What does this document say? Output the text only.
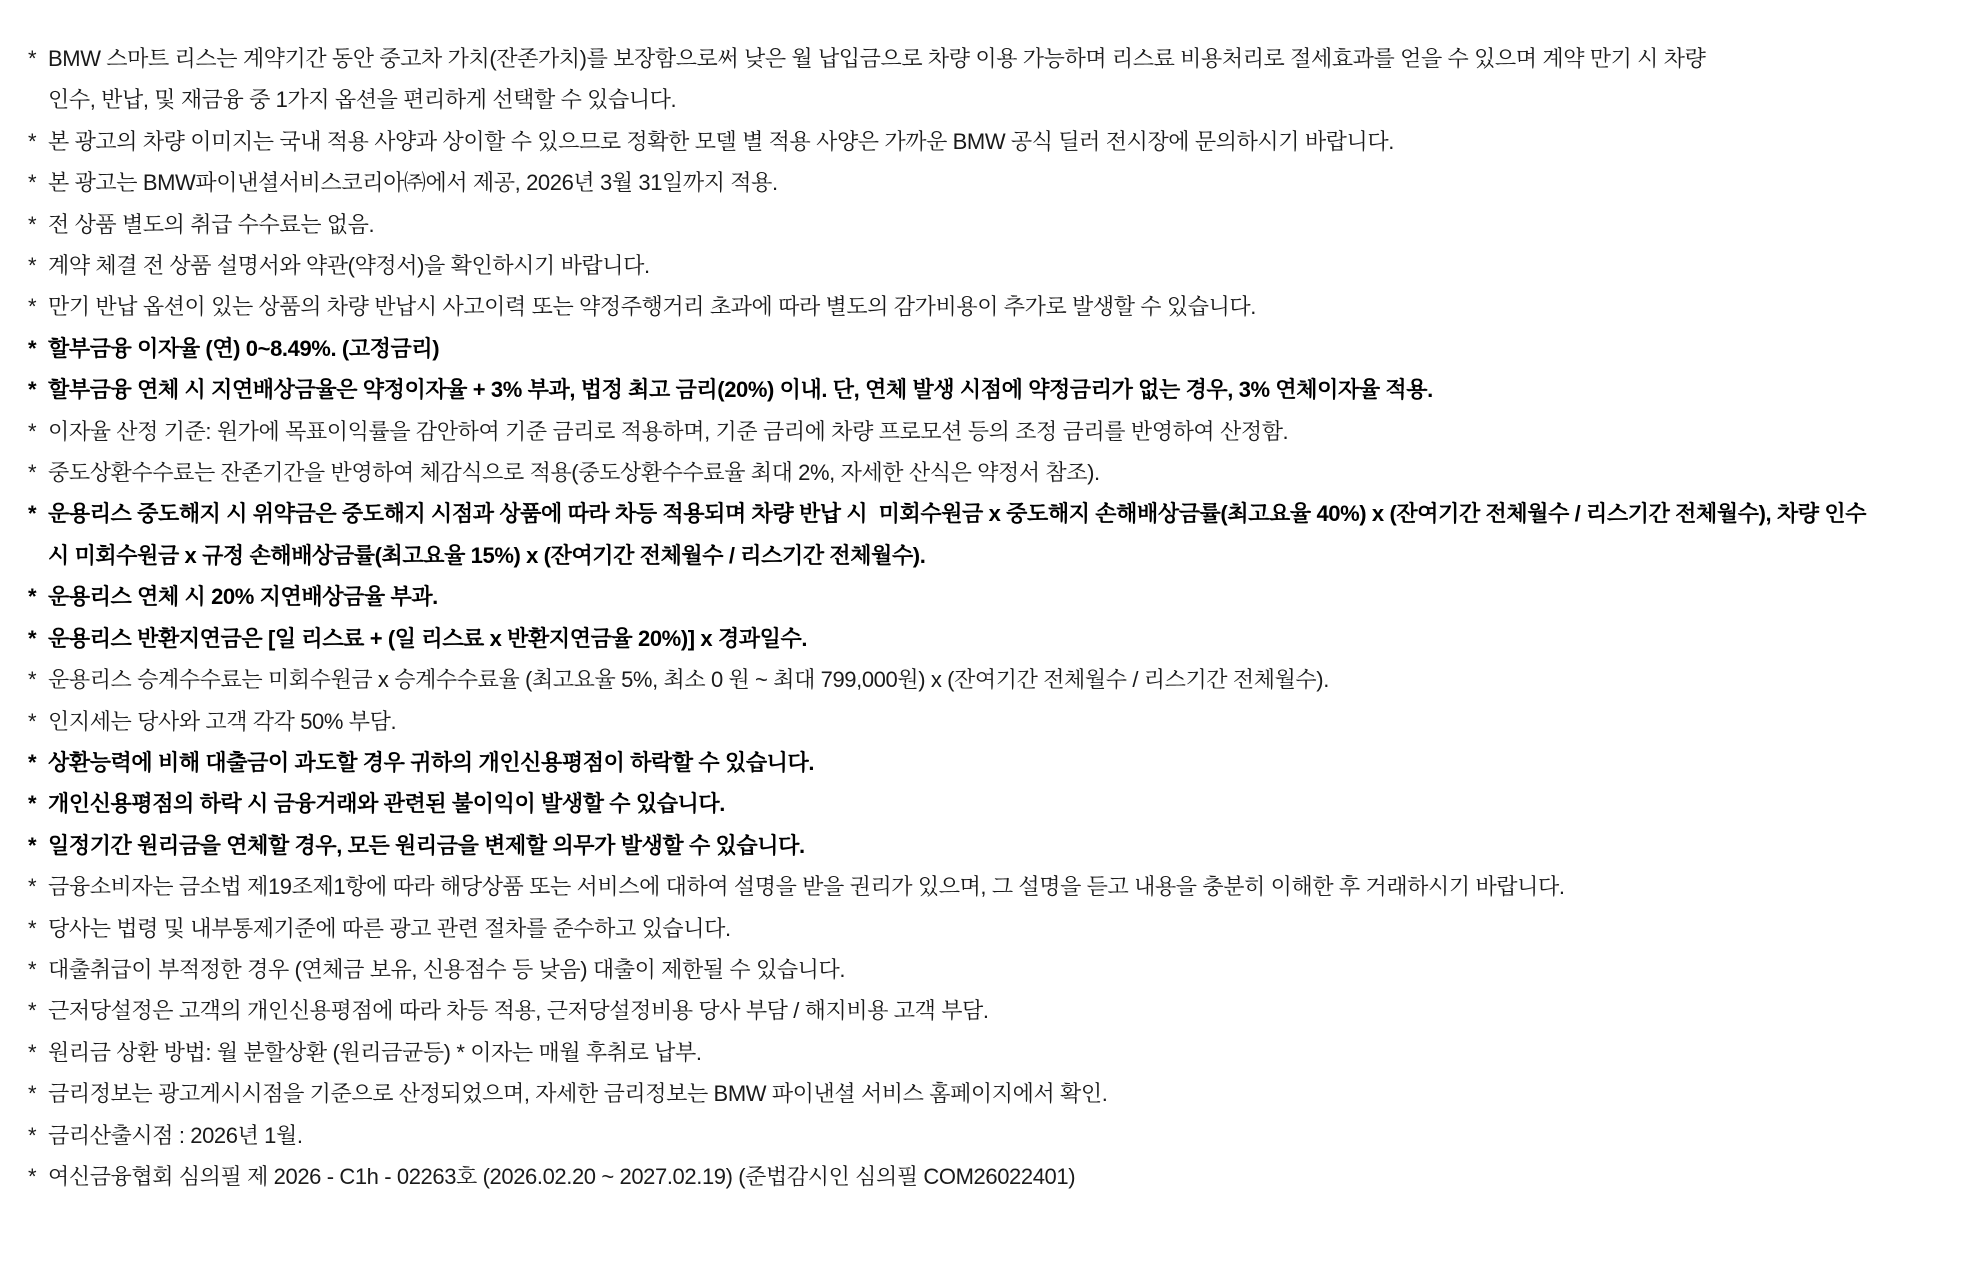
* BMW 스마트 리스는 계약기간 동안 중고차 가치(잔존가치)를 보장함으로써 낮은 월 납입금으로 차량 이용 가능하며 리스료 비용처리로 절세효과를 얻을 수 있으며 계약 만기 시 차량
인수, 반납, 및 재금융 중 1가지 옵션을 편리하게 선택할 수 있습니다.
* 본 광고의 차량 이미지는 국내 적용 사양과 상이할 수 있으므로 정확한 모델 별 적용 사양은 가까운 BMW 공식 딜러 전시장에 문의하시기 바랍니다.
* 본 광고는 BMW파이낸셜서비스코리아㈜에서 제공, 2026년 3월 31일까지 적용.
* 전 상품 별도의 취급 수수료는 없음.
* 계약 체결 전 상품 설명서와 약관(약정서)을 확인하시기 바랍니다.
* 만기 반납 옵션이 있는 상품의 차량 반납시 사고이력 또는 약정주행거리 초과에 따라 별도의 감가비용이 추가로 발생할 수 있습니다.
* 할부금융 이자율 (연) 0~8.49%. (고정금리)
* 할부금융 연체 시 지연배상금율은 약정이자율 + 3% 부과, 법정 최고 금리(20%) 이내. 단, 연체 발생 시점에 약정금리가 없는 경우, 3% 연체이자율 적용.
* 이자율 산정 기준: 원가에 목표이익률을 감안하여 기준 금리로 적용하며, 기준 금리에 차량 프로모션 등의 조정 금리를 반영하여 산정함.
* 중도상환수수료는 잔존기간을 반영하여 체감식으로 적용(중도상환수수료율 최대 2%, 자세한 산식은 약정서 참조).
* 운용리스 중도해지 시 위약금은 중도해지 시점과 상품에 따라 차등 적용되며 차량 반납 시  미회수원금 x 중도해지 손해배상금률(최고요율 40%) x (잔여기간 전체월수 / 리스기간 전체월수), 차량 인수
시 미회수원금 x 규정 손해배상금률(최고요율 15%) x (잔여기간 전체월수 / 리스기간 전체월수).
* 운용리스 연체 시 20% 지연배상금율 부과.
* 운용리스 반환지연금은 [일 리스료 + (일 리스료 x 반환지연금율 20%)] x 경과일수.
* 운용리스 승계수수료는 미회수원금 x 승계수수료율 (최고요율 5%, 최소 0 원 ~ 최대 799,000원) x (잔여기간 전체월수 / 리스기간 전체월수).
* 인지세는 당사와 고객 각각 50% 부담.
* 상환능력에 비해 대출금이 과도할 경우 귀하의 개인신용평점이 하락할 수 있습니다.
* 개인신용평점의 하락 시 금융거래와 관련된 불이익이 발생할 수 있습니다.
* 일정기간 원리금을 연체할 경우, 모든 원리금을 변제할 의무가 발생할 수 있습니다.
* 금융소비자는 금소법 제19조제1항에 따라 해당상품 또는 서비스에 대하여 설명을 받을 권리가 있으며, 그 설명을 듣고 내용을 충분히 이해한 후 거래하시기 바랍니다.
* 당사는 법령 및 내부통제기준에 따른 광고 관련 절차를 준수하고 있습니다.
* 대출취급이 부적정한 경우 (연체금 보유, 신용점수 등 낮음) 대출이 제한될 수 있습니다.
* 근저당설정은 고객의 개인신용평점에 따라 차등 적용, 근저당설정비용 당사 부담 / 해지비용 고객 부담.
* 원리금 상환 방법: 월 분할상환 (원리금균등) * 이자는 매월 후취로 납부.
* 금리정보는 광고게시시점을 기준으로 산정되었으며, 자세한 금리정보는 BMW 파이낸셜 서비스 홈페이지에서 확인.
* 금리산출시점 : 2026년 1월.
* 여신금융협회 심의필 제 2026 - C1h - 02263호 (2026.02.20 ~ 2027.02.19) (준법감시인 심의필 COM26022401)
